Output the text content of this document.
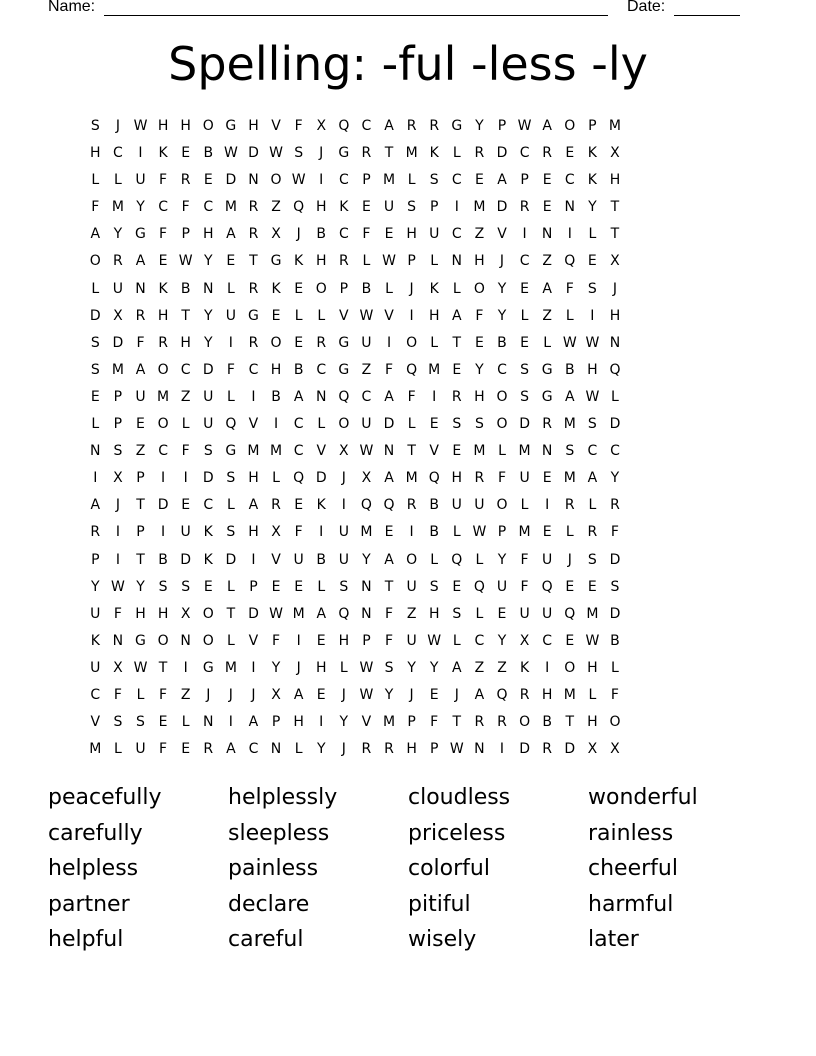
Name:	Date:
Spelling: -ful -less -ly
S	J W H H O G H V F X Q C A R R G Y	P W A O P M
H C	I	K E B W D W S	J	G R T M K	L R D C R E K X
L	L U F R E D N O W I	C P M L	S C E A P E C K H
F M Y C F C M R Z Q H K E U S P	I	M D R E N Y	T
A Y G F	P H A R X	J	B C F	E H U C Z V	I	N	I	L	T
O R A E W Y E T G K H R L W P	L N H	J	C Z Q E X
L U N K B N L R K E O P B L	J	K	L O Y E A F	S	J
D X R H T	Y U G E	L	L V W V	I	H A F	Y	L Z L	I	H
S D F R H Y	I	R O E R G U	I	O L	T E B E	L W W N
S M A O C D F C H B C G Z F Q M E Y C S G B H Q
E P U M Z U L	I	B A N Q C A F	I	R H O S G A W L
L	P E O L U Q V	I	C L O U D L	E S S O D R M S D
N S Z C F	S G M M C V X W N T V E M L M N S C C
I	X P	I	I	D S H L Q D	J	X A M Q H R F U E M A Y
A	J	T D E C L A R E K	I	Q Q R B U U O L	I	R L R
R	I	P	I	U K S H X F	I	U M E	I	B L W P M E	L R F
P	I	T B D K D	I	V U B U Y A O L Q L	Y	F U	J	S D
Y W Y S S E	L	P E E	L	S N T U S E Q U F Q E E S
U F H H X O T D W M A Q N F Z H S	L	E U U Q M D
K N G O N O L V F	I	E H P	F U W L C Y X C E W B
U X W T	I	G M	I	Y	J	H L W S Y	Y A Z Z K	I	O H L
C F	L	F Z	J	J	J	X A E	J W Y	J	E	J	A Q R H M L	F
V S S E	L N	I	A P H	I	Y V M P	F	T R R O B T H O
M L U F	E R A C N L	Y	J	R R H P W N	I	D R D X X
peacefully	helplessly	cloudless	wonderful
carefully	sleepless	priceless	rainless
helpless	painless	colorful	cheerful
partner	declare	pitiful	harmful
helpful	careful	wisely	later
